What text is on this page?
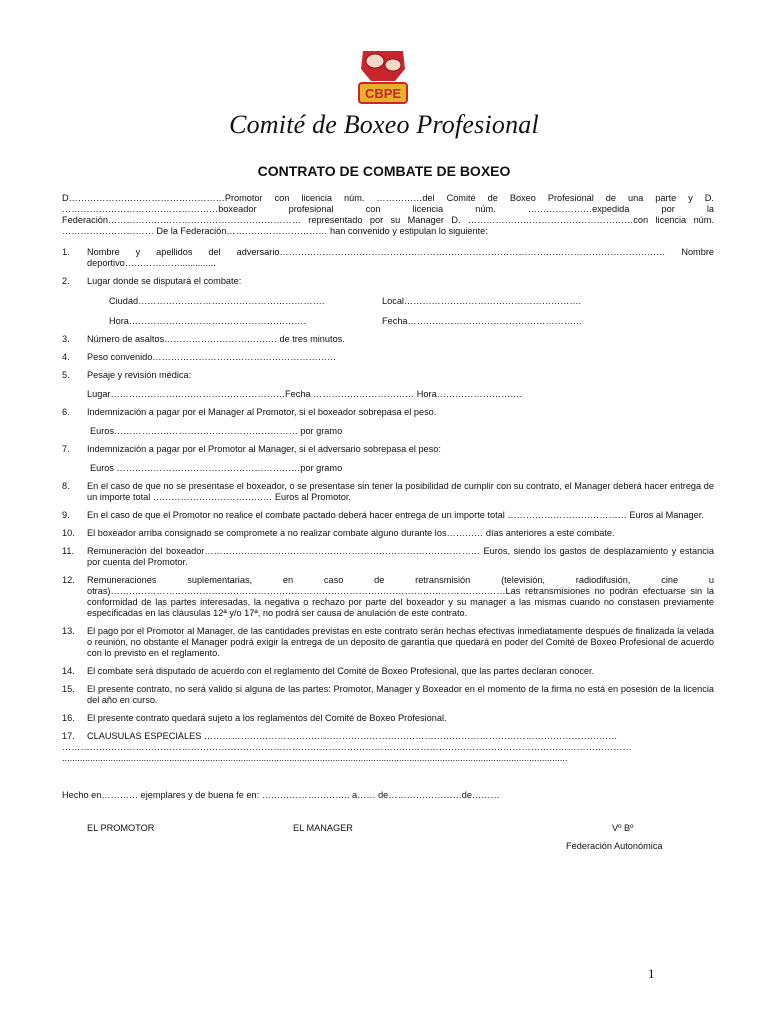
CBPE
Comité de Boxeo Profesional
CONTRATO DE COMBATE DE BOXEO

D……………………………………………Promotor con licencia núm. ……………del Comité de Boxeo Profesional de una parte y D. ……………………………………………boxeador profesional con licencia núm. …………………expedida por la Federación……………………………………………………… representado por su Manager D. ………………………………………………con licencia núm. ………………………… De la Federación…………………………… han convenido y estipulan lo siguiente:

1.	Nombre y apellidos del adversario……………………………………………………………………………………………………………… Nombre deportivo………………..............
2.	Lugar donde se disputará el combate:
Ciudad…………………………………………………….	Local………………………………………………….
Hora………………………………………………….	Fecha…………………………………………………
3.	Número de asaltos………………………………. de tres minutos.
4.	Peso convenido……………………………………………………
5.	Pesaje y revisión médica:
Lugar…………………………………………………Fecha …………………………… Hora……………………….
6.	Indemnización a pagar por el Manager al Promotor, si el boxeador sobrepasa el peso.
Euros…………………………………………………… por gramo
7.	Indemnización a pagar por el Promotor al Manager, si el adversario sobrepasa el peso:
Euros ……………………………………………………por gramo
8.	En el caso de que no se presentase el boxeador, o se presentase sin tener la posibilidad de cumplir con su contrato, el Manager deberá hacer entrega de un importe total ………………………………… Euros al Promotor.
9.	En el caso de que el Promotor no realice el combate pactado deberá hacer entrega de un importe total ………………………………… Euros al Manager.
10.	El boxeador arriba consignado se compromete a no realizar combate alguno durante los………… días anteriores a este combate.
11.	Remuneración del boxeador……………………………………………………………………………… Euros, siendo los gastos de desplazamiento y estancia por cuenta del Promotor.
12.	Remuneraciones suplementarias, en caso de retransmisión (televisión, radiodifusión, cine u otras)…………………………………………………………………………………………………………………Las retransmisiones no podrán efectuarse sin la conformidad de las partes interesadas, la negativa o rechazo por parte del boxeador y su manager a las mismas cuando no constasen previamente especificadas en las cláusulas 12ª y/o 17ª, no podrá ser causa de anulación de este contrato.
13.	El pago por el Promotor al Manager, de las cantidades previstas en este contrato serán hechas efectivas inmediatamente después de finalizada la velada o reunión, no obstante el Manager podrá exigir la entrega de un deposito de garantía que quedará en poder del Comité de Boxeo Profesional de acuerdo con lo previsto en el reglamento.
14.	El combate será disputado de acuerdo con el reglamento del Comité de Boxeo Profesional, que las partes declaran conocer.
15.	El presente contrato, no será valido si alguna de las partes: Promotor, Manager y Boxeador en el momento de la firma no está en posesión de la licencia del año en curso.
16.	El presente contrato quedará sujeto a los reglamentos del Comité de Boxeo Profesional.
17.	CLAUSULAS ESPECIALES ………………………………………………………………………………………………………………………
……………………………………………………………………………………………………………………………………………………………………
......................................................................................................................................................................................................

Hecho en………… ejemplares y de buena fe en: ……………………….. a…… de……………………de………

EL PROMOTOR	EL MANAGER	Vº Bº
Federación Autonómica
1
